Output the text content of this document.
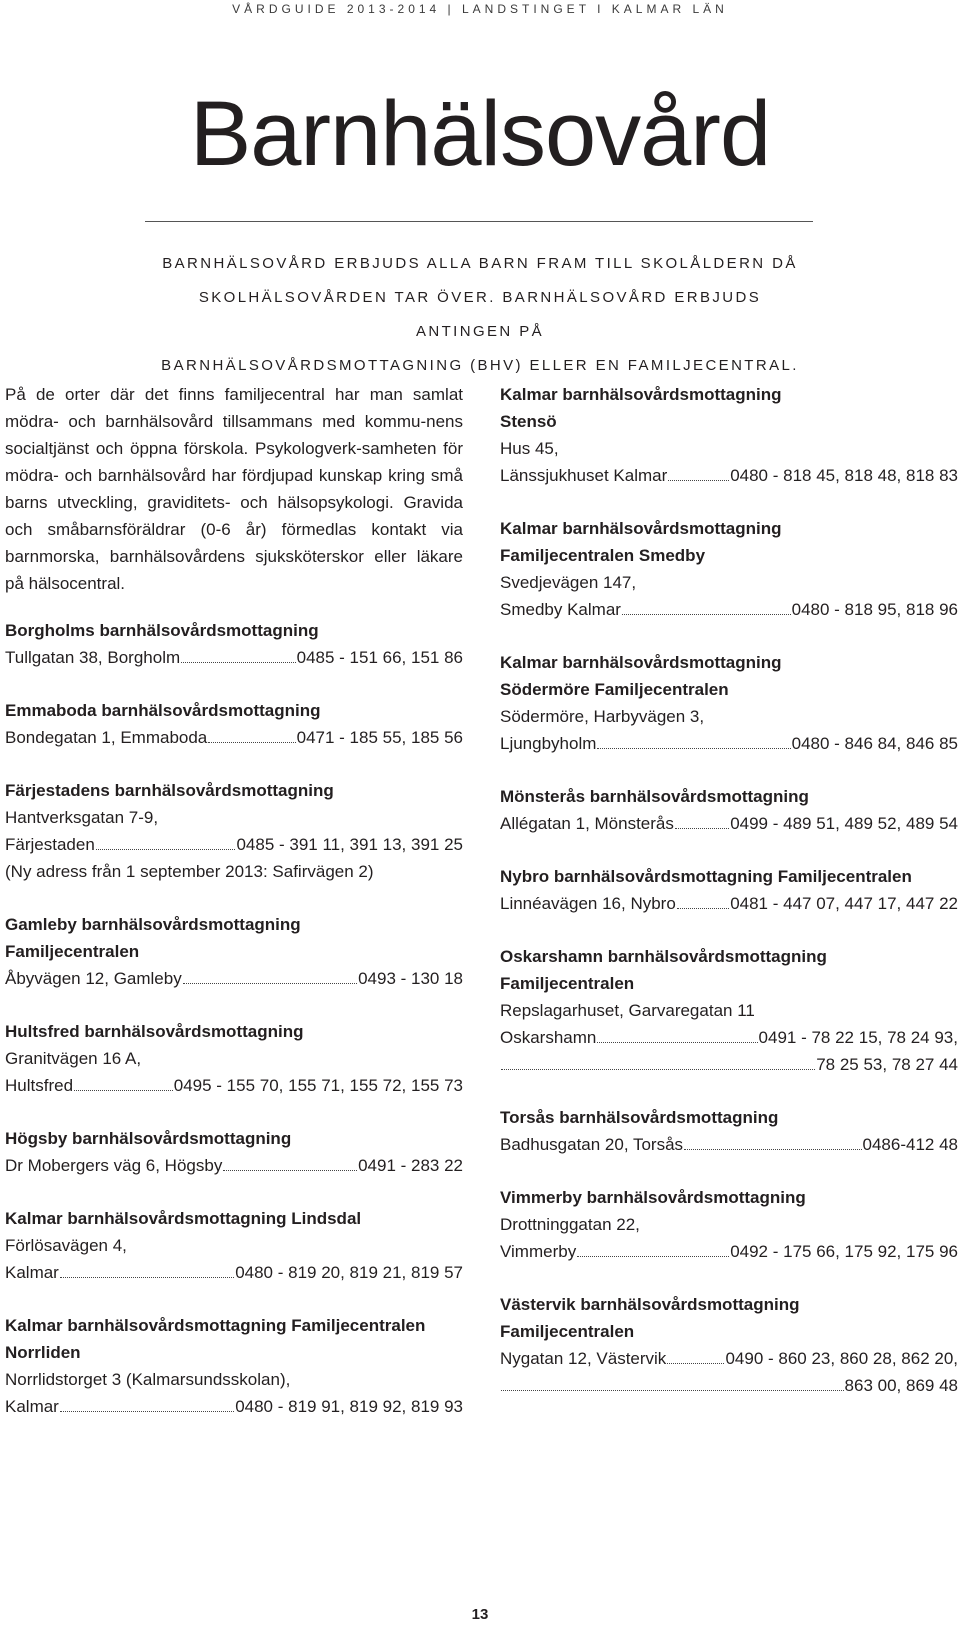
VÅRDGUIDE 2013-2014 | LANDSTINGET I KALMAR LÄN
Barnhälsovård
BARNHÄLSOVÅRD ERBJUDS ALLA BARN FRAM TILL SKOLÅLDERN DÅ
SKOLHÄLSOVÅRDEN TAR ÖVER. BARNHÄLSOVÅRD ERBJUDS ANTINGEN PÅ
BARNHÄLSOVÅRDSMOTTAGNING (BHV) ELLER EN FAMILJECENTRAL.

På de orter där det finns familjecentral har man samlat mödra- och barnhälsovård tillsammans med kommu-nens socialtjänst och öppna förskola. Psykologverk-samheten för mödra- och barnhälsovård har fördjupad kunskap kring små barns utveckling, graviditets- och hälsopsykologi. Gravida och småbarnsföräldrar (0-6 år) förmedlas kontakt via barnmorska, barnhälsovårdens sjuksköterskor eller läkare på hälsocentral.

Borgholms barnhälsovårdsmottagning
Tullgatan 38, Borgholm	0485 - 151 66, 151 86
Emmaboda barnhälsovårdsmottagning
Bondegatan 1, Emmaboda	0471 - 185 55, 185 56
Färjestadens barnhälsovårdsmottagning
Hantverksgatan 7-9,
Färjestaden	0485 - 391 11, 391 13, 391 25
(Ny adress från 1 september 2013: Safirvägen 2)
Gamleby barnhälsovårdsmottagning
Familjecentralen
Åbyvägen 12, Gamleby	0493 - 130 18
Hultsfred barnhälsovårdsmottagning
Granitvägen 16 A,
Hultsfred	0495 - 155 70, 155 71, 155 72, 155 73
Högsby barnhälsovårdsmottagning
Dr Mobergers väg 6, Högsby	0491 - 283 22
Kalmar barnhälsovårdsmottagning Lindsdal
Förlösavägen 4,
Kalmar	0480 - 819 20, 819 21, 819 57
Kalmar barnhälsovårdsmottagning Familjecentralen
Norrliden
Norrlidstorget 3 (Kalmarsundsskolan),
Kalmar	0480 - 819 91, 819 92, 819 93
Kalmar barnhälsovårdsmottagning
Stensö
Hus 45,
Länssjukhuset Kalmar	0480 - 818 45, 818 48, 818 83
Kalmar barnhälsovårdsmottagning
Familjecentralen Smedby
Svedjevägen 147,
Smedby Kalmar	0480 - 818 95, 818 96
Kalmar barnhälsovårdsmottagning
Södermöre Familjecentralen
Södermöre, Harbyvägen 3,
Ljungbyholm	0480 - 846 84, 846 85
Mönsterås barnhälsovårdsmottagning
Allégatan 1, Mönsterås	0499 - 489 51, 489 52, 489 54
Nybro barnhälsovårdsmottagning Familjecentralen
Linnéavägen 16, Nybro	0481 - 447 07, 447 17, 447 22
Oskarshamn barnhälsovårdsmottagning
Familjecentralen
Repslagarhuset, Garvaregatan 11
Oskarshamn	0491 - 78 22 15, 78 24 93,
78 25 53, 78 27 44
Torsås barnhälsovårdsmottagning
Badhusgatan 20, Torsås	0486-412 48
Vimmerby barnhälsovårdsmottagning
Drottninggatan 22,
Vimmerby	0492 - 175 66, 175 92, 175 96
Västervik barnhälsovårdsmottagning
Familjecentralen
Nygatan 12, Västervik	0490 - 860 23, 860 28, 862 20,
863 00, 869 48
13
